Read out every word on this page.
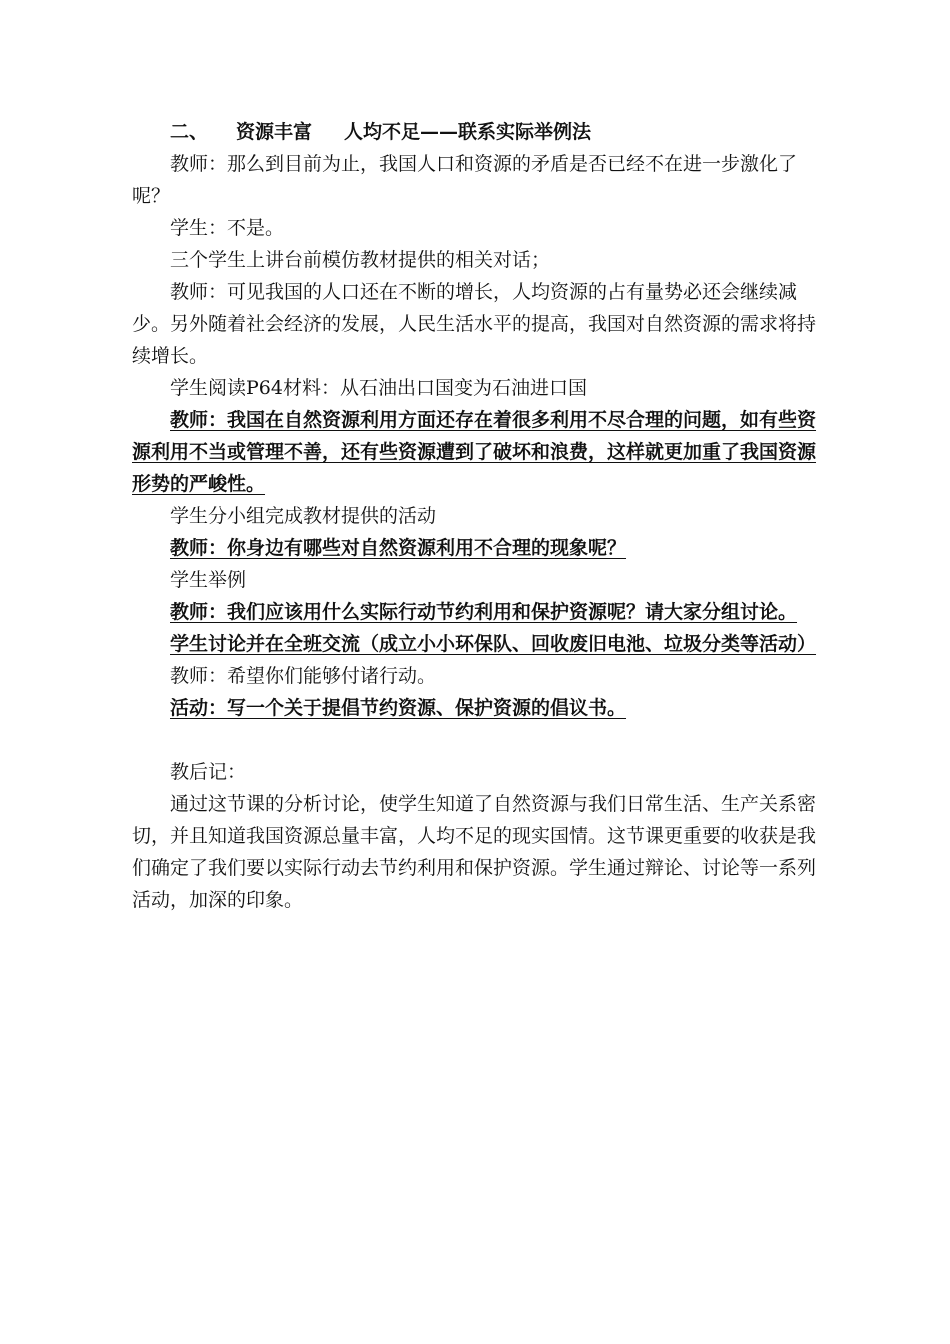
二、 资源丰富 人均不足——联系实际举例法

教师：那么到目前为止，我国人口和资源的矛盾是否已经不在进一步激化了呢？

学生：不是。

三个学生上讲台前模仿教材提供的相关对话；

教师：可见我国的人口还在不断的增长，人均资源的占有量势必还会继续减少。另外随着社会经济的发展，人民生活水平的提高，我国对自然资源的需求将持续增长。

学生阅读P64材料：从石油出口国变为石油进口国

教师：我国在自然资源利用方面还存在着很多利用不尽合理的问题，如有些资源利用不当或管理不善，还有些资源遭到了破坏和浪费，这样就更加重了我国资源形势的严峻性。

学生分小组完成教材提供的活动

教师：你身边有哪些对自然资源利用不合理的现象呢？

学生举例

教师：我们应该用什么实际行动节约利用和保护资源呢？请大家分组讨论。

学生讨论并在全班交流（成立小小环保队、回收废旧电池、垃圾分类等活动）

教师：希望你们能够付诸行动。

活动：写一个关于提倡节约资源、保护资源的倡议书。

教后记：

通过这节课的分析讨论，使学生知道了自然资源与我们日常生活、生产关系密切，并且知道我国资源总量丰富，人均不足的现实国情。这节课更重要的收获是我们确定了我们要以实际行动去节约利用和保护资源。学生通过辩论、讨论等一系列活动，加深的印象。
